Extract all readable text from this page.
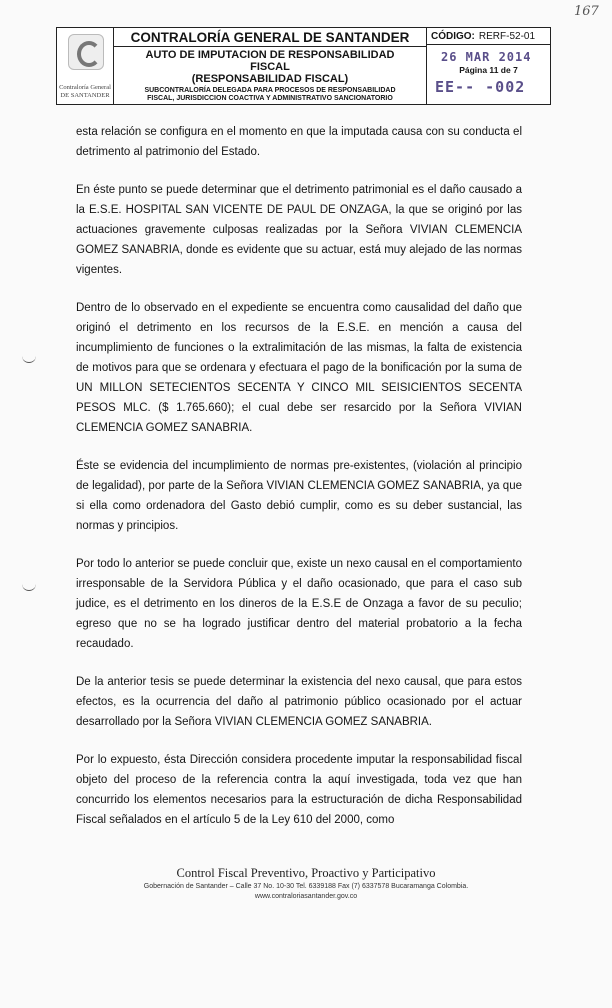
167
Contraloría General DE SANTANDER
CONTRALORÍA GENERAL DE SANTANDER
AUTO DE IMPUTACION DE RESPONSABILIDAD
FISCAL
(RESPONSABILIDAD FISCAL)
SUBCONTRALORÍA DELEGADA PARA PROCESOS DE RESPONSABILIDAD
FISCAL, JURISDICCION COACTIVA Y ADMINISTRATIVO SANCIONATORIO
CÓDIGO: RERF-52-01
26 MAR 2014
Página 11 de 7
EE-- -002

esta relación se configura en el momento en que la imputada causa con su conducta el detrimento al patrimonio del Estado.

En éste punto se puede determinar que el detrimento patrimonial es el daño causado a la E.S.E. HOSPITAL SAN VICENTE DE PAUL DE ONZAGA, la que se originó por las actuaciones gravemente culposas realizadas por la Señora VIVIAN CLEMENCIA GOMEZ SANABRIA, donde es evidente que su actuar, está muy alejado de las normas vigentes.

Dentro de lo observado en el expediente se encuentra como causalidad del daño que originó el detrimento en los recursos de la E.S.E. en mención a causa del incumplimiento de funciones o la extralimitación de las mismas, la falta de existencia de motivos para que se ordenara y efectuara el pago de la bonificación por la suma de UN MILLON SETECIENTOS SECENTA Y CINCO MIL SEISICIENTOS SECENTA PESOS MLC. ($ 1.765.660); el cual debe ser resarcido por la Señora VIVIAN CLEMENCIA GOMEZ SANABRIA.

Éste se evidencia del incumplimiento de normas pre-existentes, (violación al principio de legalidad), por parte de la Señora VIVIAN CLEMENCIA GOMEZ SANABRIA, ya que si ella como ordenadora del Gasto debió cumplir, como es su deber sustancial, las normas y principios.

Por todo lo anterior se puede concluir que, existe un nexo causal en el comportamiento irresponsable de la Servidora Pública y el daño ocasionado, que para el caso sub judice, es el detrimento en los dineros de la E.S.E de Onzaga a favor de su peculio; egreso que no se ha logrado justificar dentro del material probatorio a la fecha recaudado.

De la anterior tesis se puede determinar la existencia del nexo causal, que para estos efectos, es la ocurrencia del daño al patrimonio público ocasionado por el actuar desarrollado por la Señora VIVIAN CLEMENCIA GOMEZ SANABRIA.

Por lo expuesto, ésta Dirección considera procedente imputar la responsabilidad fiscal objeto del proceso de la referencia contra la aquí investigada, toda vez que han concurrido los elementos necesarios para la estructuración de dicha Responsabilidad Fiscal señalados en el artículo 5 de la Ley 610 del 2000, como

Control Fiscal Preventivo, Proactivo y Participativo
Gobernación de Santander – Calle 37 No. 10-30 Tel. 6339188 Fax (7) 6337578 Bucaramanga Colombia.
www.contraloriasantander.gov.co
